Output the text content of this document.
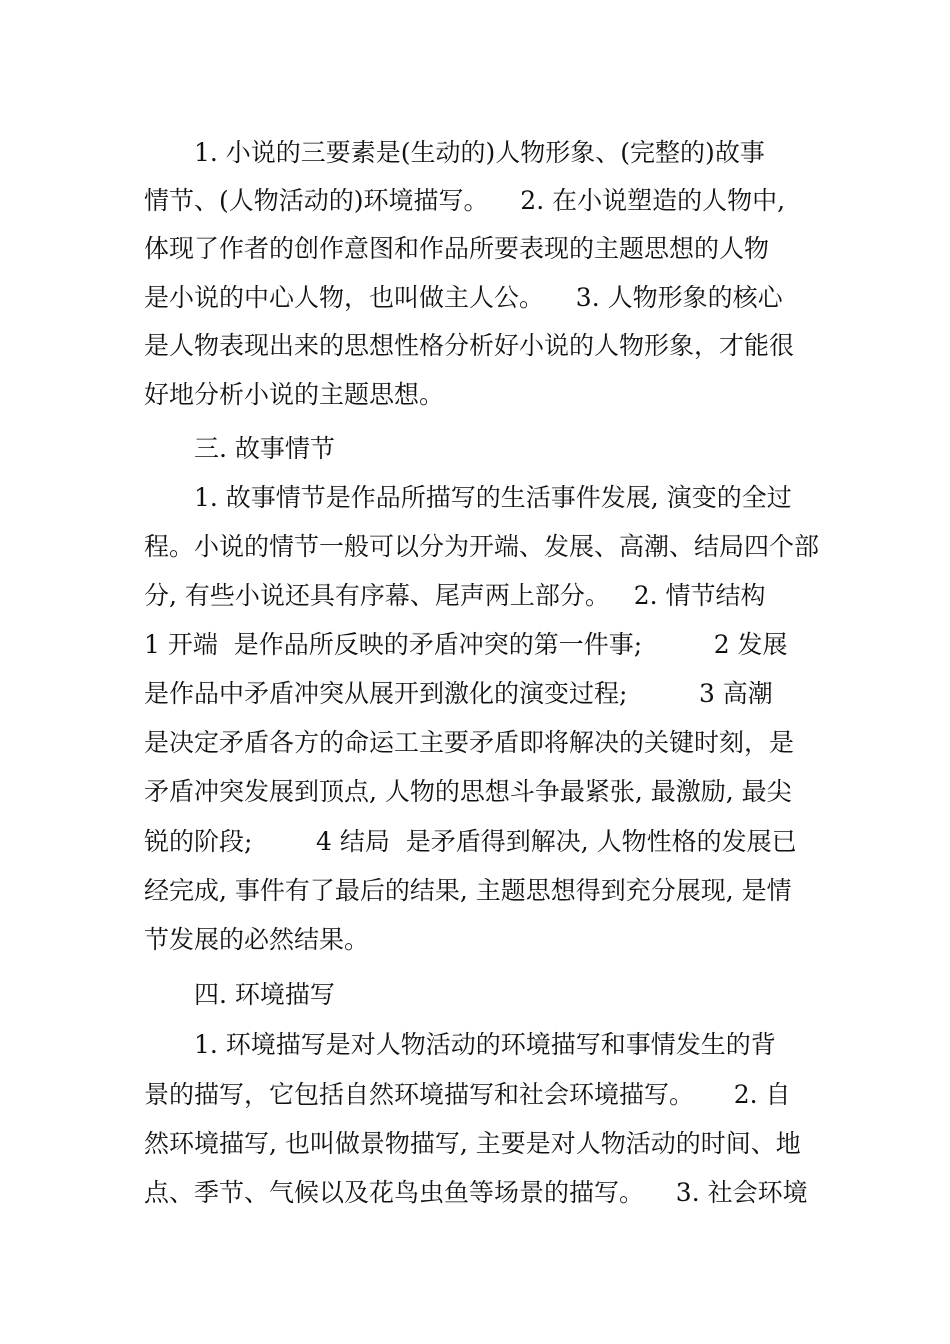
1. 小说的三要素是(生动的)人物形象、(完整的)故事
情节、(人物活动的)环境描写。    2. 在小说塑造的人物中,
体现了作者的创作意图和作品所要表现的主题思想的人物
是小说的中心人物，也叫做主人公。    3. 人物形象的核心
是人物表现出来的思想性格分析好小说的人物形象，才能很
好地分析小说的主题思想。
三. 故事情节
1. 故事情节是作品所描写的生活事件发展, 演变的全过
程。小说的情节一般可以分为开端、发展、高潮、结局四个部
分, 有些小说还具有序幕、尾声两上部分。   2. 情节结构
1 开端  是作品所反映的矛盾冲突的第一件事;         2 发展
是作品中矛盾冲突从展开到激化的演变过程;         3 高潮
是决定矛盾各方的命运工主要矛盾即将解决的关键时刻，是
矛盾冲突发展到顶点, 人物的思想斗争最紧张, 最激励, 最尖
锐的阶段;        4 结局  是矛盾得到解决, 人物性格的发展已
经完成, 事件有了最后的结果, 主题思想得到充分展现, 是情
节发展的必然结果。
四. 环境描写
1. 环境描写是对人物活动的环境描写和事情发生的背
景的描写，它包括自然环境描写和社会环境描写。     2. 自
然环境描写, 也叫做景物描写, 主要是对人物活动的时间、地
点、季节、气候以及花鸟虫鱼等场景的描写。    3. 社会环境
